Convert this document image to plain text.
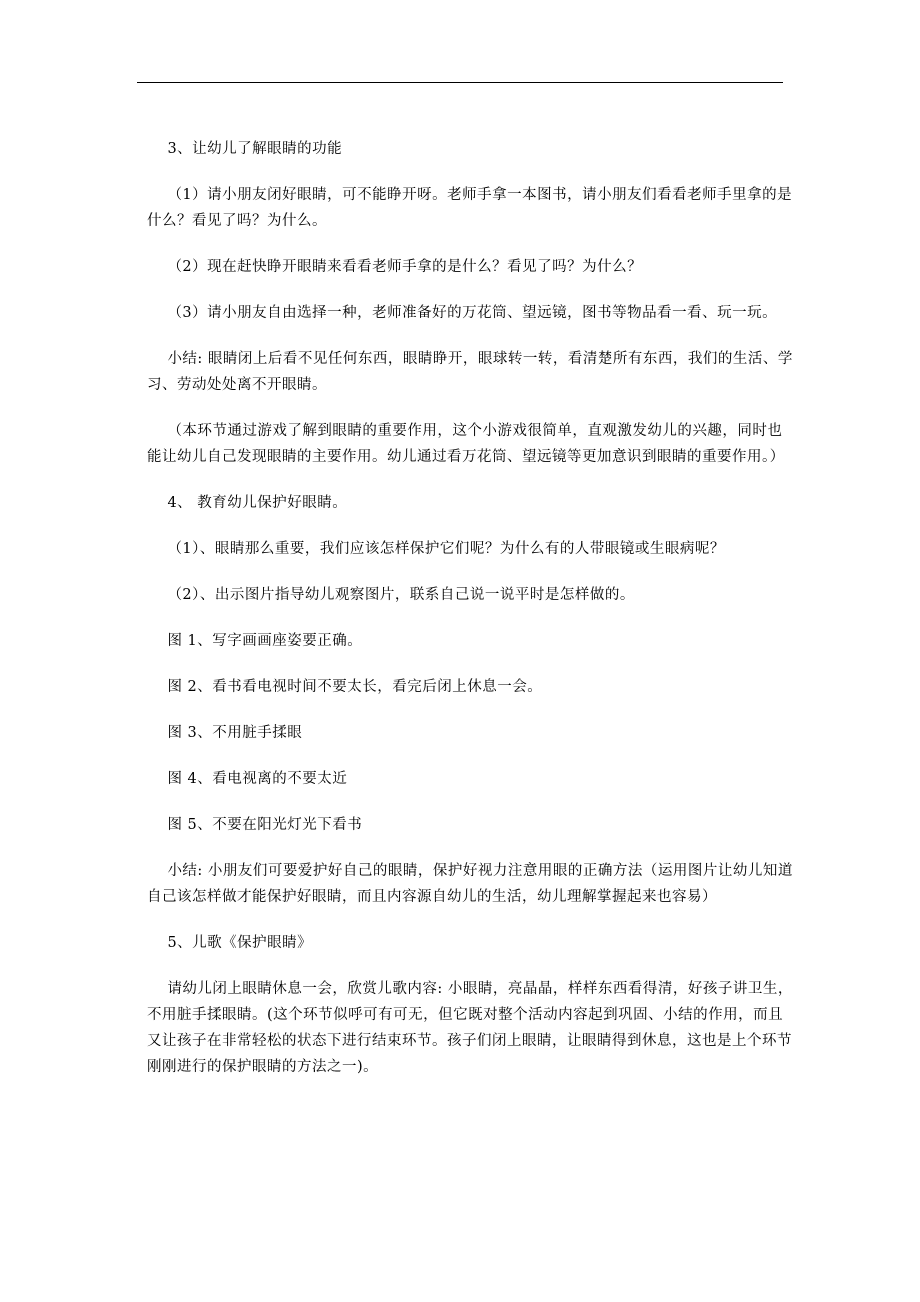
3、让幼儿了解眼睛的功能

（1）请小朋友闭好眼睛，可不能睁开呀。老师手拿一本图书，请小朋友们看看老师手里拿的是什么？看见了吗？为什么。

（2）现在赶快睁开眼睛来看看老师手拿的是什么？看见了吗？为什么？

（3）请小朋友自由选择一种，老师准备好的万花筒、望远镜，图书等物品看一看、玩一玩。

小结: 眼睛闭上后看不见任何东西，眼睛睁开，眼球转一转，看清楚所有东西，我们的生活、学习、劳动处处离不开眼睛。

（本环节通过游戏了解到眼睛的重要作用，这个小游戏很简单，直观激发幼儿的兴趣，同时也能让幼儿自己发现眼睛的主要作用。幼儿通过看万花筒、望远镜等更加意识到眼睛的重要作用。）

4、 教育幼儿保护好眼睛。

（1）、眼睛那么重要，我们应该怎样保护它们呢？为什么有的人带眼镜或生眼病呢？

（2）、出示图片指导幼儿观察图片，联系自己说一说平时是怎样做的。

图 1、写字画画座姿要正确。

图 2、看书看电视时间不要太长，看完后闭上休息一会。

图 3、不用脏手揉眼

图 4、看电视离的不要太近

图 5、不要在阳光灯光下看书

小结: 小朋友们可要爱护好自己的眼睛，保护好视力注意用眼的正确方法（运用图片让幼儿知道自己该怎样做才能保护好眼睛，而且内容源自幼儿的生活，幼儿理解掌握起来也容易）

5、儿歌《保护眼睛》

请幼儿闭上眼睛休息一会，欣赏儿歌内容: 小眼睛，亮晶晶，样样东西看得清，好孩子讲卫生，不用脏手揉眼睛。(这个环节似呼可有可无，但它既对整个活动内容起到巩固、小结的作用，而且又让孩子在非常轻松的状态下进行结束环节。孩子们闭上眼睛，让眼睛得到休息，这也是上个环节刚刚进行的保护眼睛的方法之一)。
